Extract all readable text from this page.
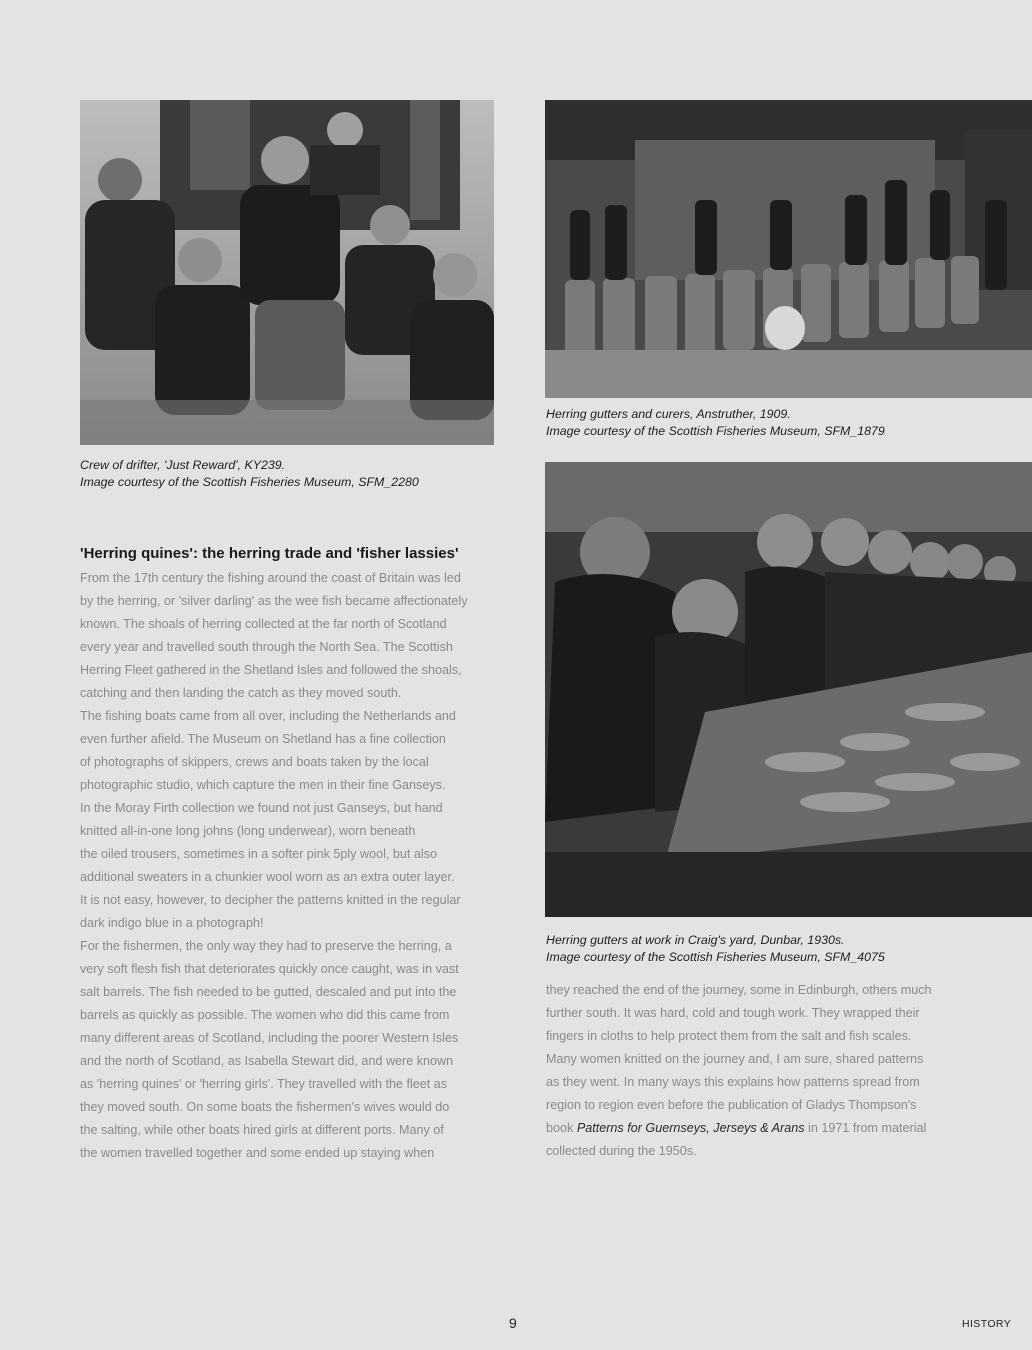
Crew of drifter, 'Just Reward', KY239.
Image courtesy of the Scottish Fisheries Museum, SFM_2280
Herring gutters and curers, Anstruther, 1909.
Image courtesy of the Scottish Fisheries Museum, SFM_1879
Herring gutters at work in Craig's yard, Dunbar, 1930s.
Image courtesy of the Scottish Fisheries Museum, SFM_4075
'Herring quines': the herring trade and 'fisher lassies'

From the 17th century the fishing around the coast of Britain was led
by the herring, or 'silver darling' as the wee fish became affectionately
known. The shoals of herring collected at the far north of Scotland
every year and travelled south through the North Sea. The Scottish
Herring Fleet gathered in the Shetland Isles and followed the shoals,
catching and then landing the catch as they moved south.

The fishing boats came from all over, including the Netherlands and
even further afield. The Museum on Shetland has a fine collection
of photographs of skippers, crews and boats taken by the local
photographic studio, which capture the men in their fine Ganseys.
In the Moray Firth collection we found not just Ganseys, but hand
knitted all-in-one long johns (long underwear), worn beneath
the oiled trousers, sometimes in a softer pink 5ply wool, but also
additional sweaters in a chunkier wool worn as an extra outer layer.
It is not easy, however, to decipher the patterns knitted in the regular
dark indigo blue in a photograph!

For the fishermen, the only way they had to preserve the herring, a
very soft flesh fish that deteriorates quickly once caught, was in vast
salt barrels. The fish needed to be gutted, descaled and put into the
barrels as quickly as possible. The women who did this came from
many different areas of Scotland, including the poorer Western Isles
and the north of Scotland, as Isabella Stewart did, and were known
as 'herring quines' or 'herring girls'. They travelled with the fleet as
they moved south. On some boats the fishermen's wives would do
the salting, while other boats hired girls at different ports. Many of
the women travelled together and some ended up staying when

they reached the end of the journey, some in Edinburgh, others much
further south. It was hard, cold and tough work. They wrapped their
fingers in cloths to help protect them from the salt and fish scales.
Many women knitted on the journey and, I am sure, shared patterns
as they went. In many ways this explains how patterns spread from
region to region even before the publication of Gladys Thompson's
book Patterns for Guernseys, Jerseys & Arans in 1971 from material
collected during the 1950s.

9	HISTORY
